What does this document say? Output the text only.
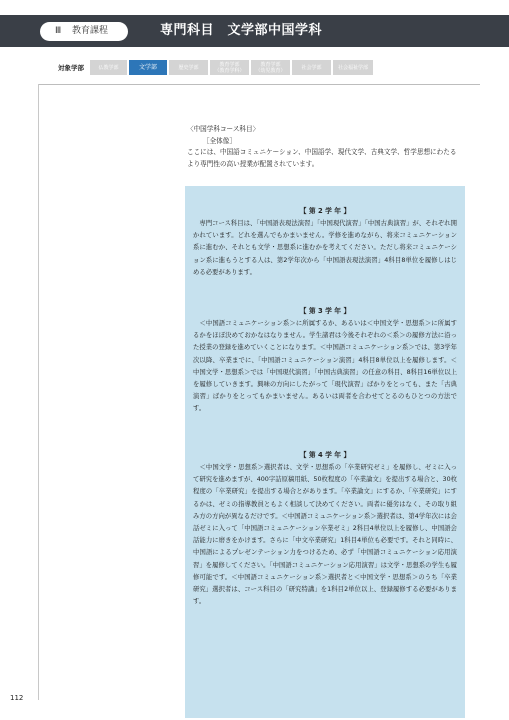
Ⅲ 教育課程	専門科目　文学部中国学科
対象学部	仏教学部	文学部	歴史学部	教育学部
（教育学科）
教育学部
（幼児教育）	社会学部	社会福祉学部
〈中国学科コース科目〉
［全体像］
ここには、中国語コミュニケーション、中国語学、現代文学、古典文学、哲学思想にわたるより専門性の高い授業が配置されています。
【 第 2 学 年 】
　専門コース科目は、「中国語表現法演習」「中国現代演習」「中国古典演習」が、それぞれ開かれています。どれを選んでもかまいません。学修を進めながら、将来コミュニケーション系に進むか、それとも文学・思想系に進むかを考えてください。ただし将来コミュニケーション系に進もうとする人は、第2学年次から「中国語表現法演習」4科目8単位を履修しはじめる必要があります。
【 第 3 学 年 】
　＜中国語コミュニケーション系＞に所属するか、あるいは＜中国文学・思想系＞に所属するかをほぼ決めておかなはなりません。学生諸君は今後それぞれの＜系＞の履修方法に沿った授業の登録を進めていくことになります。＜中国語コミュニケーション系＞では、第3学年次以降、卒業までに、「中国語コミュニケーション演習」4科目8単位以上を履修します。＜中国文学・思想系＞では「中国現代演習」「中国古典演習」の任意の科目、8科目16単位以上を履修していきます。興味の方向にしたがって「現代演習」ばかりをとっても、また「古典演習」ばかりをとってもかまいません。あるいは両者を合わせてとるのもひとつの方法です。
【 第 4 学 年 】
　＜中国文学・思想系＞選択者は、文学・思想系の「卒業研究ゼミ」を履修し、ゼミに入って研究を進めますが、400字詰原稿用紙、50枚程度の「卒業論文」を提出する場合と、30枚程度の「卒業研究」を提出する場合とがあります。「卒業論文」にするか、「卒業研究」にするかは、ゼミの指導教員ともよく相談して決めてください。両者に優劣はなく、その取り組み方の方向が異なるだけです。＜中国語コミュニケーション系＞選択者は、第4学年次には会話ゼミに入って「中国語コミュニケーション卒業ゼミ」2科目4単位以上を履修し、中国語会話能力に磨きをかけます。さらに「中文卒業研究」1科目4単位も必要です。それと同時に、中国語によるプレゼンテーション力をつけるため、必ず「中国語コミュニケーション応用演習」を履修してください。「中国語コミュニケーション応用演習」は文学・思想系の学生も履修可能です。＜中国語コミュニケーション系＞選択者と＜中国文学・思想系＞のうち「卒業研究」選択者は、コース科目の「研究特講」を1科目2単位以上、登録履修する必要があります。
112
